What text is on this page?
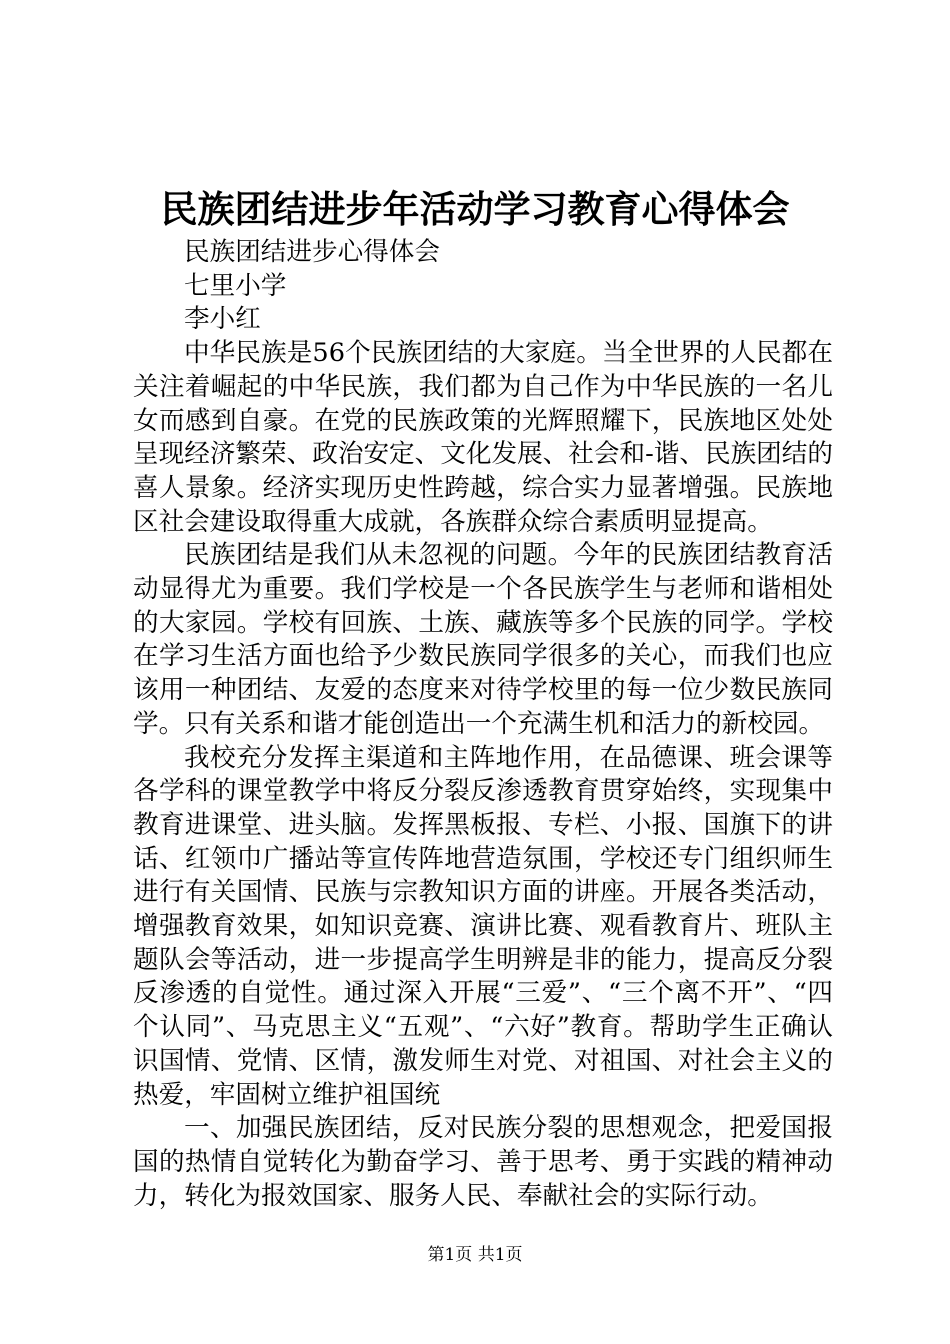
民族团结进步年活动学习教育心得体会

民族团结进步心得体会

七里小学

李小红

中华民族是56个民族团结的大家庭。当全世界的人民都在关注着崛起的中华民族，我们都为自己作为中华民族的一名儿女而感到自豪。在党的民族政策的光辉照耀下，民族地区处处呈现经济繁荣、政治安定、文化发展、社会和-谐、民族团结的喜人景象。经济实现历史性跨越，综合实力显著增强。民族地区社会建设取得重大成就，各族群众综合素质明显提高。

民族团结是我们从未忽视的问题。今年的民族团结教育活动显得尤为重要。我们学校是一个各民族学生与老师和谐相处的大家园。学校有回族、土族、藏族等多个民族的同学。学校在学习生活方面也给予少数民族同学很多的关心，而我们也应该用一种团结、友爱的态度来对待学校里的每一位少数民族同学。只有关系和谐才能创造出一个充满生机和活力的新校园。

我校充分发挥主渠道和主阵地作用，在品德课、班会课等各学科的课堂教学中将反分裂反渗透教育贯穿始终，实现集中教育进课堂、进头脑。发挥黑板报、专栏、小报、国旗下的讲话、红领巾广播站等宣传阵地营造氛围，学校还专门组织师生进行有关国情、民族与宗教知识方面的讲座。开展各类活动，增强教育效果，如知识竞赛、演讲比赛、观看教育片、班队主题队会等活动，进一步提高学生明辨是非的能力，提高反分裂反渗透的自觉性。通过深入开展“三爱”、“三个离不开”、“四个认同”、马克思主义“五观”、“六好”教育。帮助学生正确认识国情、党情、区情，激发师生对党、对祖国、对社会主义的热爱，牢固树立维护祖国统

一、加强民族团结，反对民族分裂的思想观念，把爱国报国的热情自觉转化为勤奋学习、善于思考、勇于实践的精神动力，转化为报效国家、服务人民、奉献社会的实际行动。

第1页 共1页
